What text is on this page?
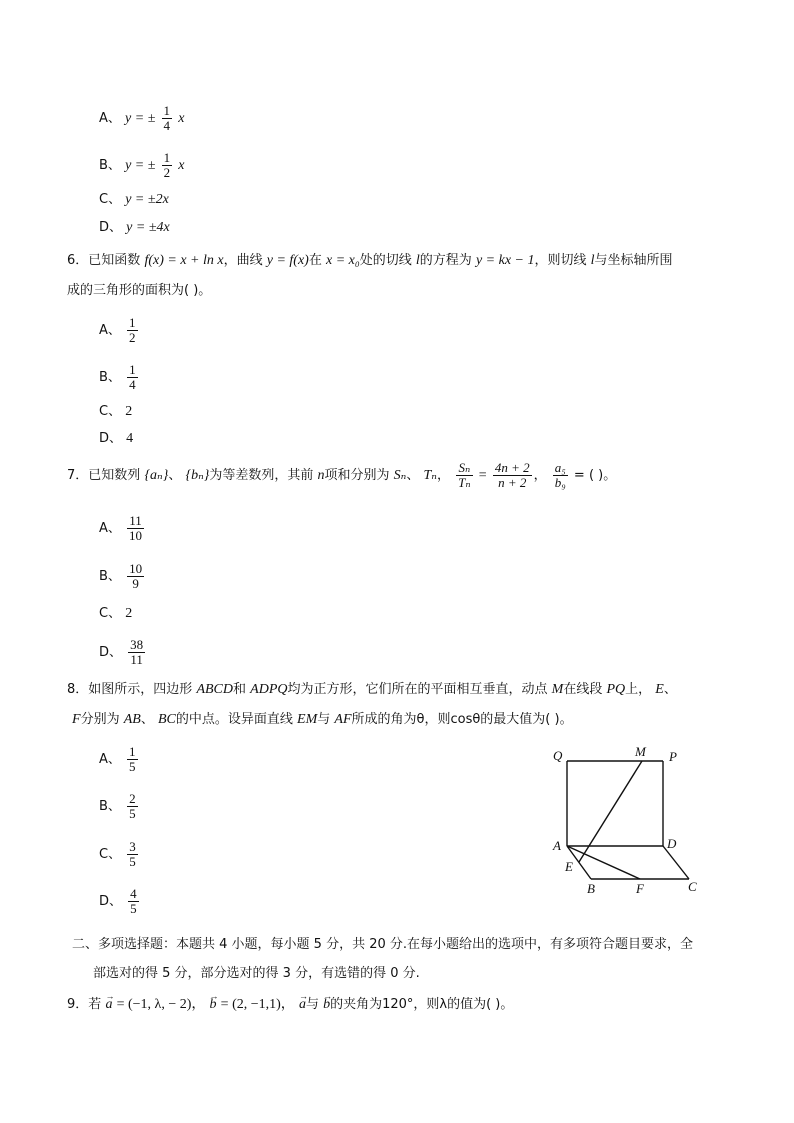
A、 y = ± $\frac{1}{4}$ x
B、 y = ± $\frac{1}{2}$ x
C、 y = ±2x
D、 y = ±4x
6．已知函数 f(x) = x + ln x，曲线 y = f(x)在 x = x₀处的切线 l的方程为 y = kx − 1，则切线 l与坐标轴所围
成的三角形的面积为( )。
A、 $\frac{1}{2}$
B、 $\frac{1}{4}$
C、 2
D、 4
7．已知数列 {aₙ}、 {bₙ}为等差数列，其前 n项和分别为 Sₙ、 Tₙ， $\frac{\text{Sₙ}}{\text{Tₙ}} = \frac{4n + 2}{n + 2}$ ， $\frac{\text{a₅}}{\text{b₉}}$ = ( )。
A、 $\frac{11}{10}$
B、 $\frac{10}{9}$
C、 2
D、 $\frac{38}{11}$
8．如图所示，四边形 ABCD和 ADPQ均为正方形，它们所在的平面相互垂直，动点 M在线段 PQ上， E、
F分别为 AB、 BC的中点。设异面直线 EM与 AF所成的角为θ，则cosθ的最大值为( )。
A、 $\frac{1}{5}$
B、 $\frac{2}{5}$
C、 $\frac{3}{5}$
D、 $\frac{4}{5}$
Q	M P
A	D
E
B	F	C
二、多项选择题：本题共 4 小题，每小题 5 分，共 20 分.在每小题给出的选项中，有多项符合题目要求，全
部选对的得 5 分，部分选对的得 3 分，有选错的得 0 分.
9．若 → a = (−1, λ, − 2)， → b = (2, −1,1)， → a与 → b的夹角为120°，则λ的值为( )。
